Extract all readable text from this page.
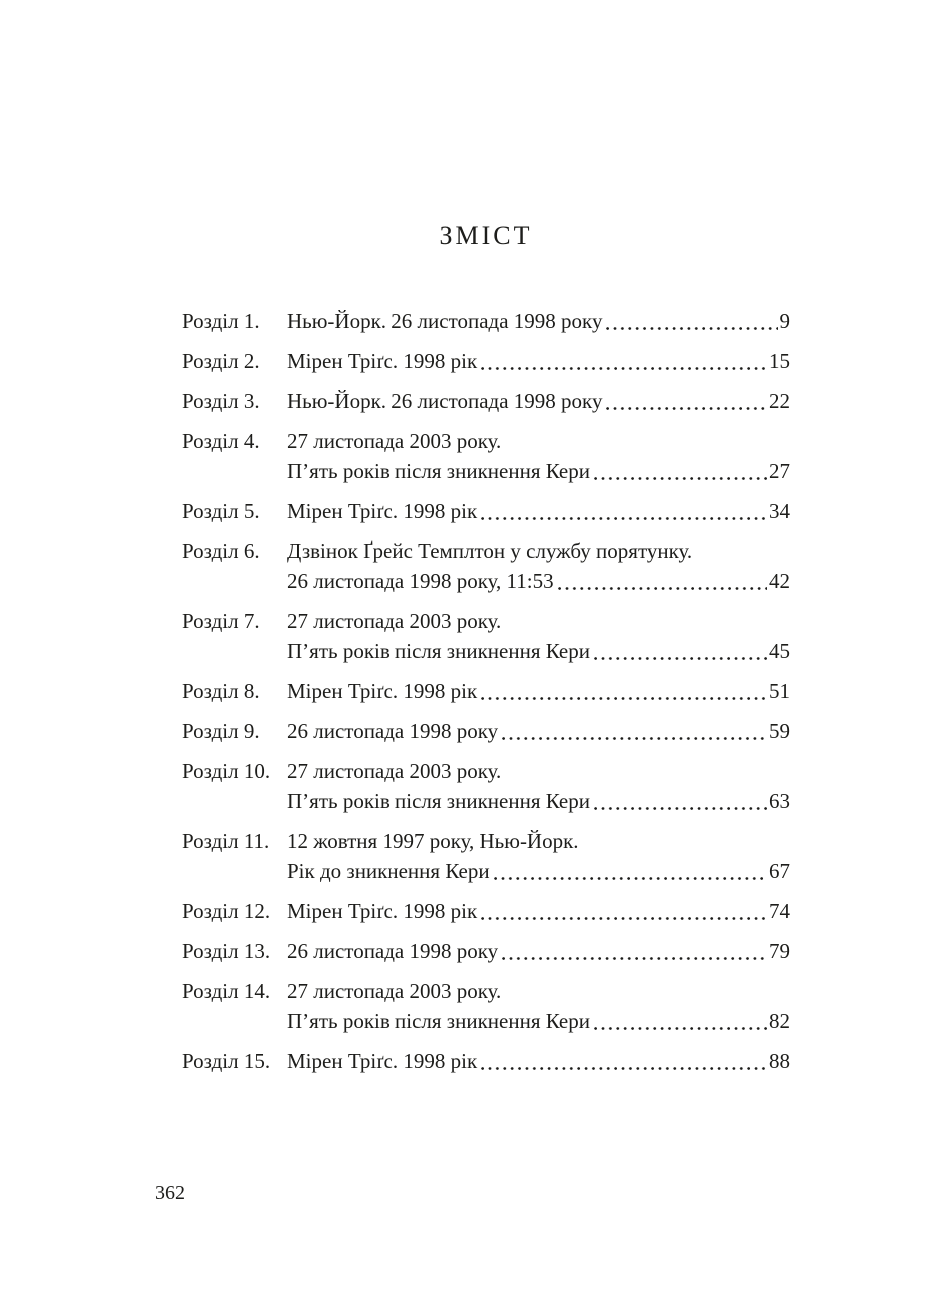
ЗМІСТ
Розділ 1.	Нью-Йорк. 26 листопада 1998 року	9
Розділ 2.	Мірен Тріґс. 1998 рік	15
Розділ 3.	Нью-Йорк. 26 листопада 1998 року	22
Розділ 4.	27 листопада 2003 року.
П’ять років після зникнення Кери	27
Розділ 5.	Мірен Тріґс. 1998 рік	34
Розділ 6.	Дзвінок Ґрейс Темплтон у службу порятунку.
26 листопада 1998 року, 11:53	42
Розділ 7.	27 листопада 2003 року.
П’ять років після зникнення Кери	45
Розділ 8.	Мірен Тріґс. 1998 рік	51
Розділ 9.	26 листопада 1998 року	59
Розділ 10. 27 листопада 2003 року.
П’ять років після зникнення Кери	63
Розділ 11. 12 жовтня 1997 року, Нью-Йорк.
Рік до зникнення Кери	67
Розділ 12. Мірен Тріґс. 1998 рік	74
Розділ 13. 26 листопада 1998 року	79
Розділ 14. 27 листопада 2003 року.
П’ять років після зникнення Кери	82
Розділ 15. Мірен Тріґс. 1998 рік	88
362
